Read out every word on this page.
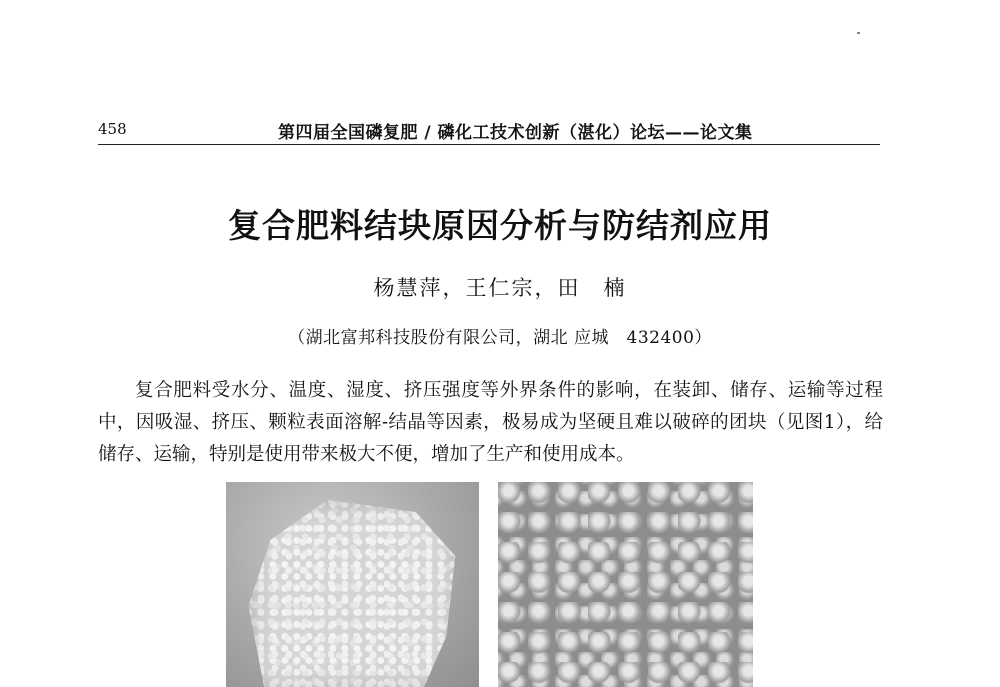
458	第四届全国磷复肥 / 磷化工技术创新（湛化）论坛——论文集
复合肥料结块原因分析与防结剂应用
杨慧萍，王仁宗，田　楠
（湖北富邦科技股份有限公司，湖北 应城　432400）

复合肥料受水分、温度、湿度、挤压强度等外界条件的影响，在装卸、储存、运输等过程中，因吸湿、挤压、颗粒表面溶解-结晶等因素，极易成为坚硬且难以破碎的团块（见图1），给储存、运输，特别是使用带来极大不便，增加了生产和使用成本。
